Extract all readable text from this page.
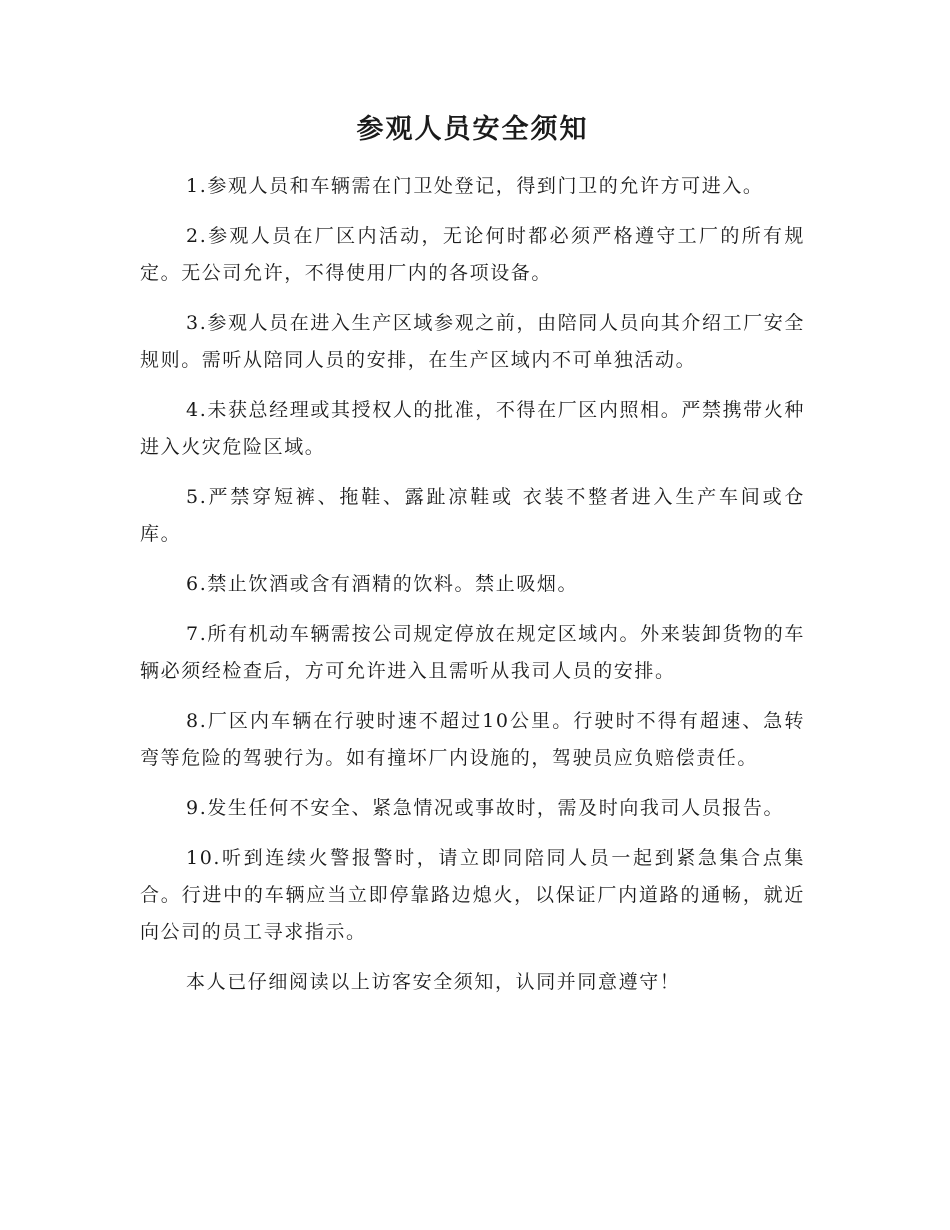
参观人员安全须知

1.参观人员和车辆需在门卫处登记，得到门卫的允许方可进入。

2.参观人员在厂区内活动，无论何时都必须严格遵守工厂的所有规定。无公司允许，不得使用厂内的各项设备。

3.参观人员在进入生产区域参观之前，由陪同人员向其介绍工厂安全规则。需听从陪同人员的安排，在生产区域内不可单独活动。

4.未获总经理或其授权人的批准，不得在厂区内照相。严禁携带火种进入火灾危险区域。

5.严禁穿短裤、拖鞋、露趾凉鞋或 衣装不整者进入生产车间或仓库。

6.禁止饮酒或含有酒精的饮料。禁止吸烟。

7.所有机动车辆需按公司规定停放在规定区域内。外来装卸货物的车辆必须经检查后，方可允许进入且需听从我司人员的安排。

8.厂区内车辆在行驶时速不超过10公里。行驶时不得有超速、急转弯等危险的驾驶行为。如有撞坏厂内设施的，驾驶员应负赔偿责任。

9.发生任何不安全、紧急情况或事故时，需及时向我司人员报告。

10.听到连续火警报警时，请立即同陪同人员一起到紧急集合点集合。行进中的车辆应当立即停靠路边熄火，以保证厂内道路的通畅，就近向公司的员工寻求指示。

本人已仔细阅读以上访客安全须知，认同并同意遵守！
